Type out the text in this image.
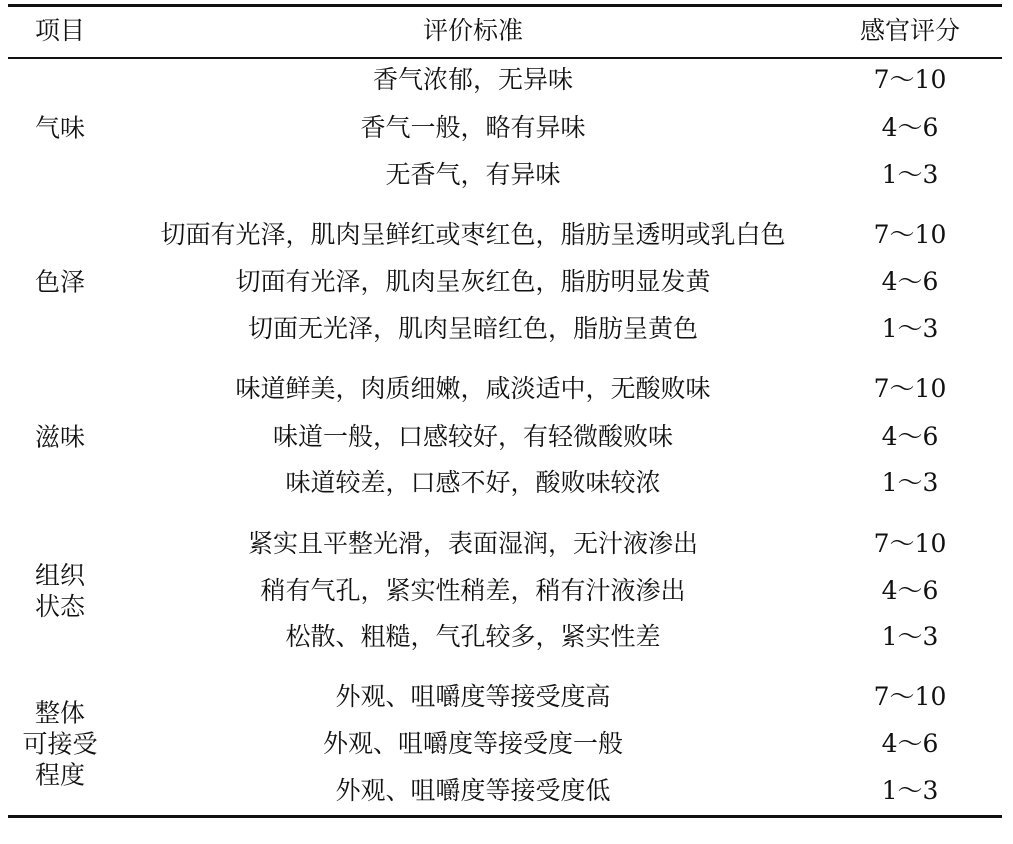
项目	评价标准	感官评分
气味
香气浓郁，无异味	7～10
香气一般，略有异味	4～6
无香气，有异味	1～3
色泽
切面有光泽，肌肉呈鲜红或枣红色，脂肪呈透明或乳白色	7～10
切面有光泽，肌肉呈灰红色，脂肪明显发黄	4～6
切面无光泽，肌肉呈暗红色，脂肪呈黄色	1～3
滋味
味道鲜美，肉质细嫩，咸淡适中，无酸败味	7～10
味道一般，口感较好，有轻微酸败味	4～6
味道较差，口感不好，酸败味较浓	1～3
组织
状态
紧实且平整光滑，表面湿润，无汁液渗出	7～10
稍有气孔，紧实性稍差，稍有汁液渗出	4～6
松散、粗糙，气孔较多，紧实性差	1～3
整体
可接受
程度
外观、咀嚼度等接受度高	7～10
外观、咀嚼度等接受度一般	4～6
外观、咀嚼度等接受度低	1～3
